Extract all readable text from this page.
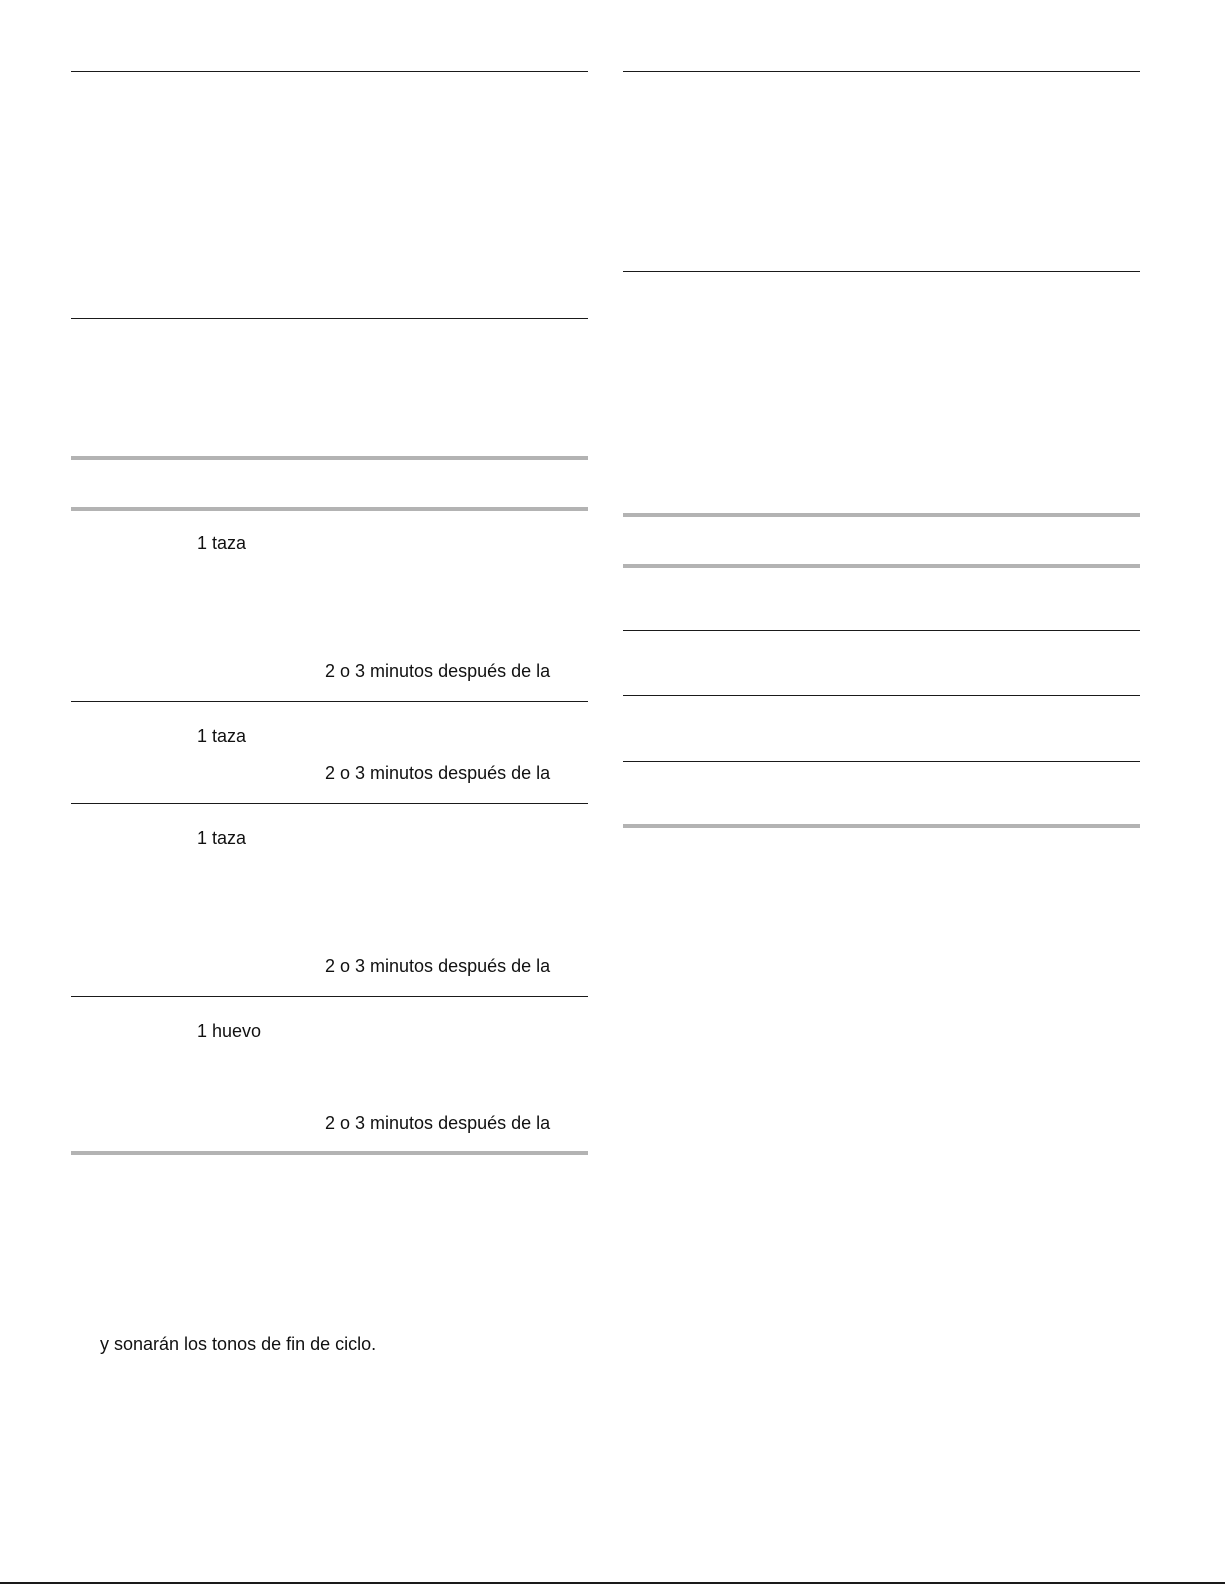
1 taza
2 o 3 minutos después de la
1 taza
2 o 3 minutos después de la
1 taza
2 o 3 minutos después de la
1 huevo
2 o 3 minutos después de la
y sonarán los tonos de fin de ciclo.
